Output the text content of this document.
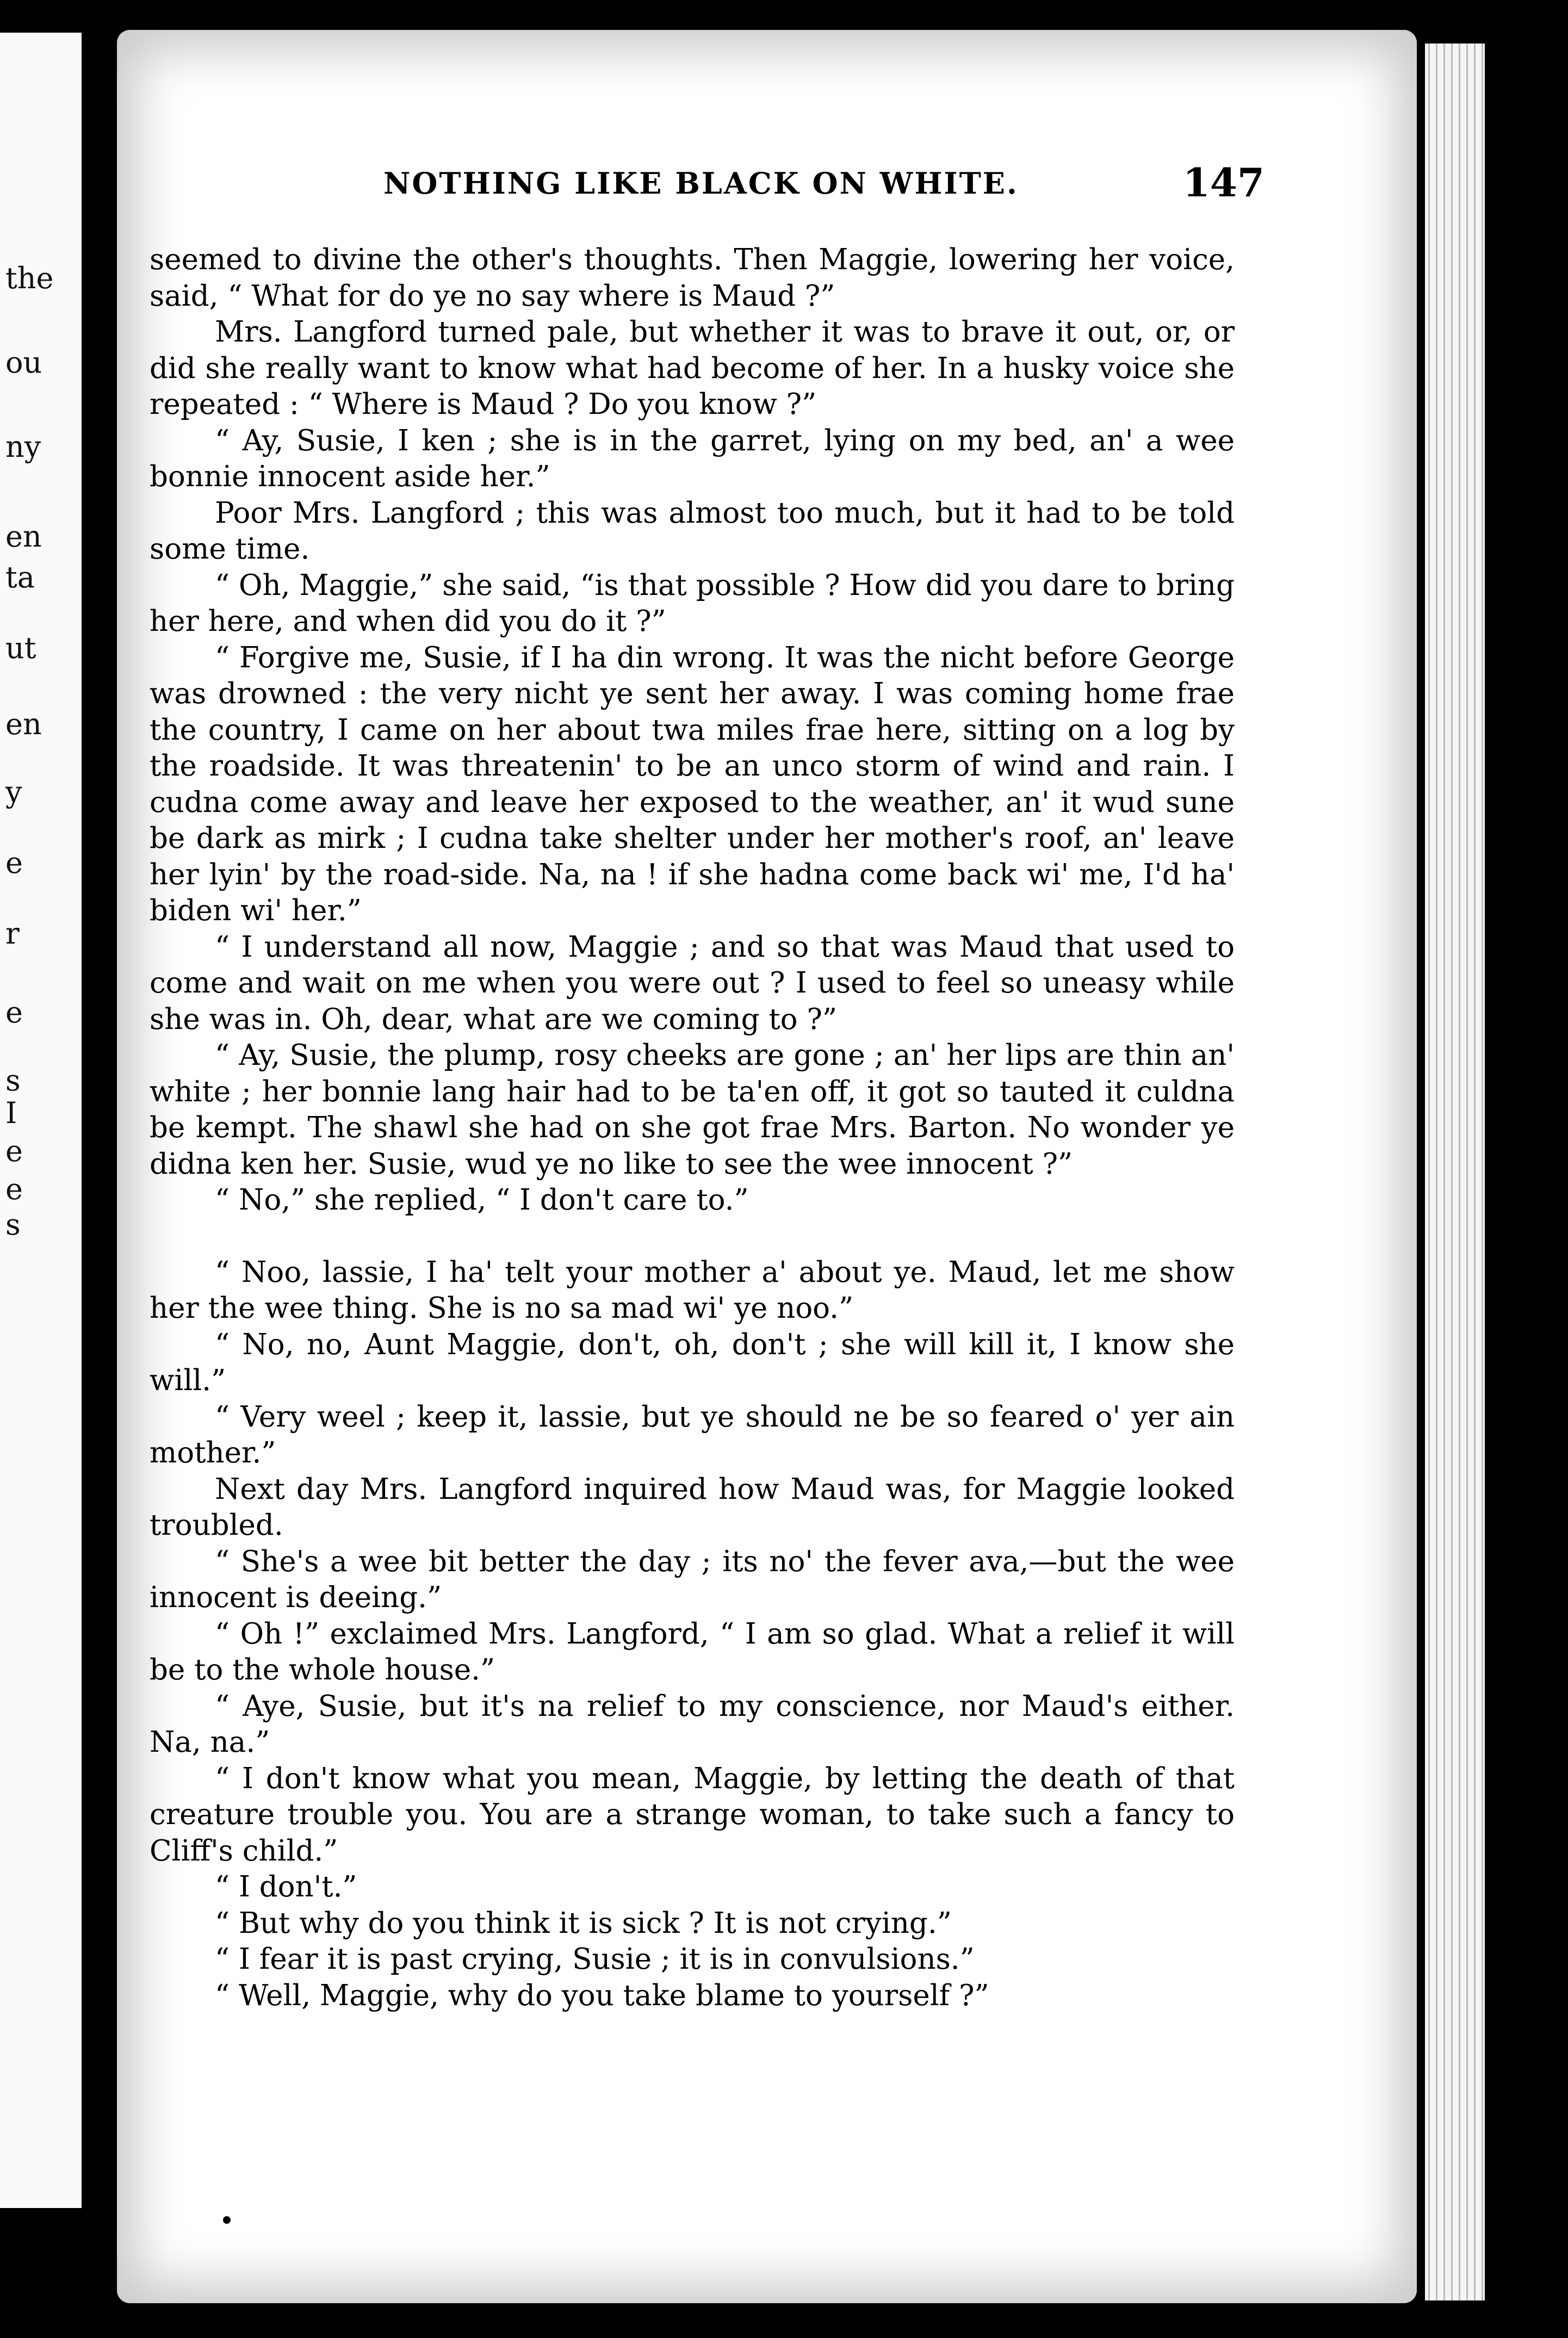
the
ou
ny
en
ta
ut
en
y
e
r
e
s
I
e
e
s
NOTHING LIKE BLACK ON WHITE.	147

seemed to divine the other's thoughts. Then Maggie, lowering her voice, said, “ What for do ye no say where is Maud ?”

Mrs. Langford turned pale, but whether it was to brave it out, or, or did she really want to know what had become of her. In a husky voice she repeated : “ Where is Maud ? Do you know ?”

“ Ay, Susie, I ken ; she is in the garret, lying on my bed, an' a wee bonnie innocent aside her.”

Poor Mrs. Langford ; this was almost too much, but it had to be told some time.

“ Oh, Maggie,” she said, “is that possible ? How did you dare to bring her here, and when did you do it ?”

“ Forgive me, Susie, if I ha din wrong. It was the nicht before George was drowned : the very nicht ye sent her away. I was coming home frae the country, I came on her about twa miles frae here, sitting on a log by the roadside. It was threatenin' to be an unco storm of wind and rain. I cudna come away and leave her exposed to the weather, an' it wud sune be dark as mirk ; I cudna take shelter under her mother's roof, an' leave her lyin' by the road-side. Na, na ! if she hadna come back wi' me, I'd ha' biden wi' her.”

“ I understand all now, Maggie ; and so that was Maud that used to come and wait on me when you were out ? I used to feel so uneasy while she was in. Oh, dear, what are we coming to ?”

“ Ay, Susie, the plump, rosy cheeks are gone ; an' her lips are thin an' white ; her bonnie lang hair had to be ta'en off, it got so tauted it culdna be kempt. The shawl she had on she got frae Mrs. Barton. No wonder ye didna ken her. Susie, wud ye no like to see the wee innocent ?”

“ No,” she replied, “ I don't care to.”

“ Noo, lassie, I ha' telt your mother a' about ye. Maud, let me show her the wee thing. She is no sa mad wi' ye noo.”

“ No, no, Aunt Maggie, don't, oh, don't ; she will kill it, I know she will.”

“ Very weel ; keep it, lassie, but ye should ne be so feared o' yer ain mother.”

Next day Mrs. Langford inquired how Maud was, for Maggie looked troubled.

“ She's a wee bit better the day ; its no' the fever ava,—but the wee innocent is deeing.”

“ Oh !” exclaimed Mrs. Langford, “ I am so glad. What a relief it will be to the whole house.”

“ Aye, Susie, but it's na relief to my conscience, nor Maud's either. Na, na.”

“ I don't know what you mean, Maggie, by letting the death of that creature trouble you. You are a strange woman, to take such a fancy to Cliff's child.”

“ I don't.”

“ But why do you think it is sick ? It is not crying.”

“ I fear it is past crying, Susie ; it is in convulsions.”

“ Well, Maggie, why do you take blame to yourself ?”
